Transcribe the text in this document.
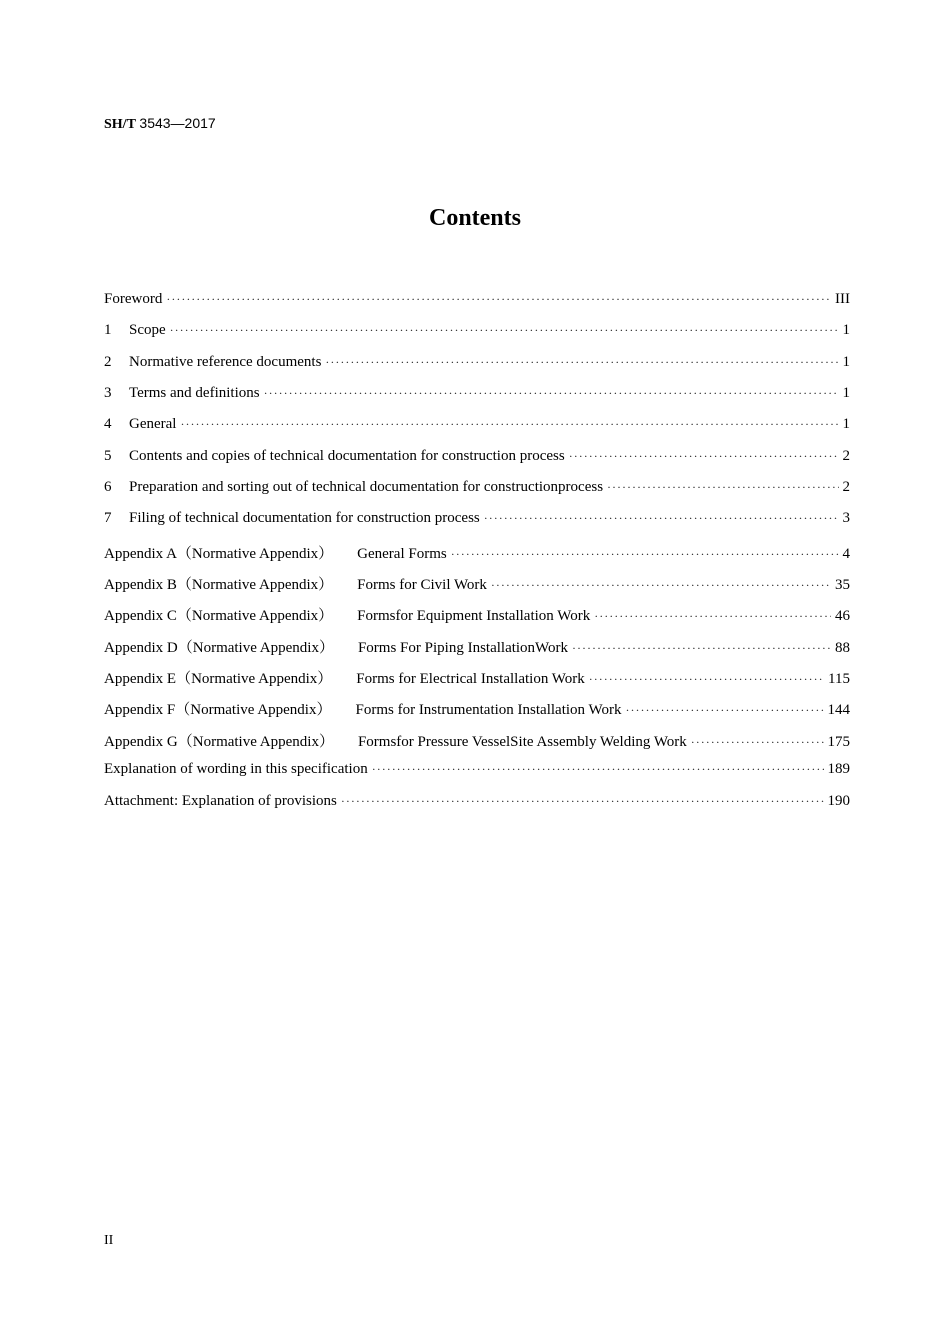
SH/T 3543—2017
Contents
Foreword ·····	III
1	Scope ·····	1
2	Normative reference documents ·····	1
3	Terms and definitions ·····	1
4	General ·····	1
5	Contents and copies of technical documentation for construction process ·····	2
6	Preparation and sorting out of technical documentation for constructionprocess ·····	2
7	Filing of technical documentation for construction process ·····	3
Appendix A（Normative Appendix） General Forms ·····	4
Appendix B（Normative Appendix） Forms for Civil Work ·····	35
Appendix C（Normative Appendix） Formsfor Equipment Installation Work ·····	46
Appendix D（Normative Appendix） Forms For Piping InstallationWork ·····	88
Appendix E（Normative Appendix） Forms for Electrical Installation Work ·····	115
Appendix F（Normative Appendix） Forms for Instrumentation Installation Work ·····	144
Appendix G（Normative Appendix） Formsfor Pressure VesselSite Assembly Welding Work ·····	175
Explanation of wording in this specification ·····	189
Attachment: Explanation of provisions ·····	190
II
